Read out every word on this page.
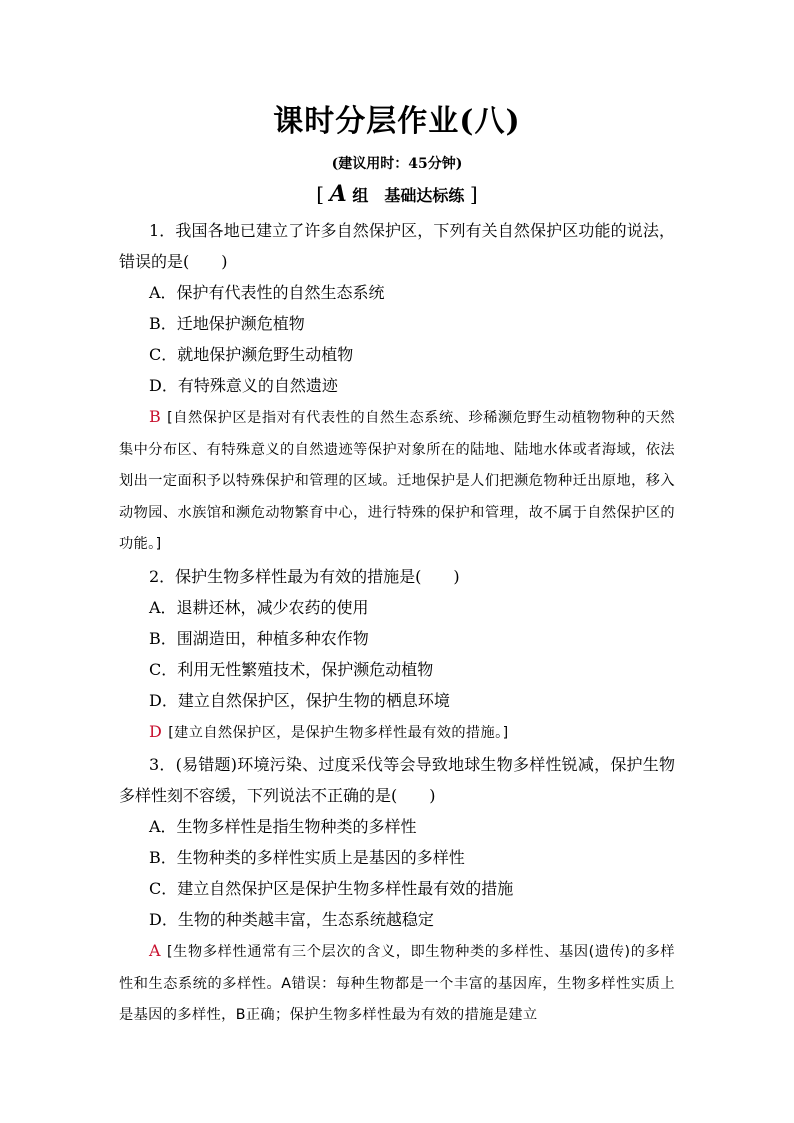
课时分层作业(八)
(建议用时：45分钟)
[ A 组　基础达标练 ]

1．我国各地已建立了许多自然保护区，下列有关自然保护区功能的说法，错误的是(　　)

A．保护有代表性的自然生态系统

B．迁地保护濒危植物

C．就地保护濒危野生动植物

D．有特殊意义的自然遗迹

B [自然保护区是指对有代表性的自然生态系统、珍稀濒危野生动植物物种的天然集中分布区、有特殊意义的自然遗迹等保护对象所在的陆地、陆地水体或者海域，依法划出一定面积予以特殊保护和管理的区域。迁地保护是人们把濒危物种迁出原地，移入动物园、水族馆和濒危动物繁育中心，进行特殊的保护和管理，故不属于自然保护区的功能。]

2．保护生物多样性最为有效的措施是(　　)

A．退耕还林，减少农药的使用

B．围湖造田，种植多种农作物

C．利用无性繁殖技术，保护濒危动植物

D．建立自然保护区，保护生物的栖息环境

D [建立自然保护区，是保护生物多样性最有效的措施。]

3．(易错题)环境污染、过度采伐等会导致地球生物多样性锐减，保护生物多样性刻不容缓，下列说法不正确的是(　　)

A．生物多样性是指生物种类的多样性

B．生物种类的多样性实质上是基因的多样性

C．建立自然保护区是保护生物多样性最有效的措施

D．生物的种类越丰富，生态系统越稳定

A [生物多样性通常有三个层次的含义，即生物种类的多样性、基因(遗传)的多样性和生态系统的多样性。A错误：每种生物都是一个丰富的基因库，生物多样性实质上是基因的多样性，B正确；保护生物多样性最为有效的措施是建立
